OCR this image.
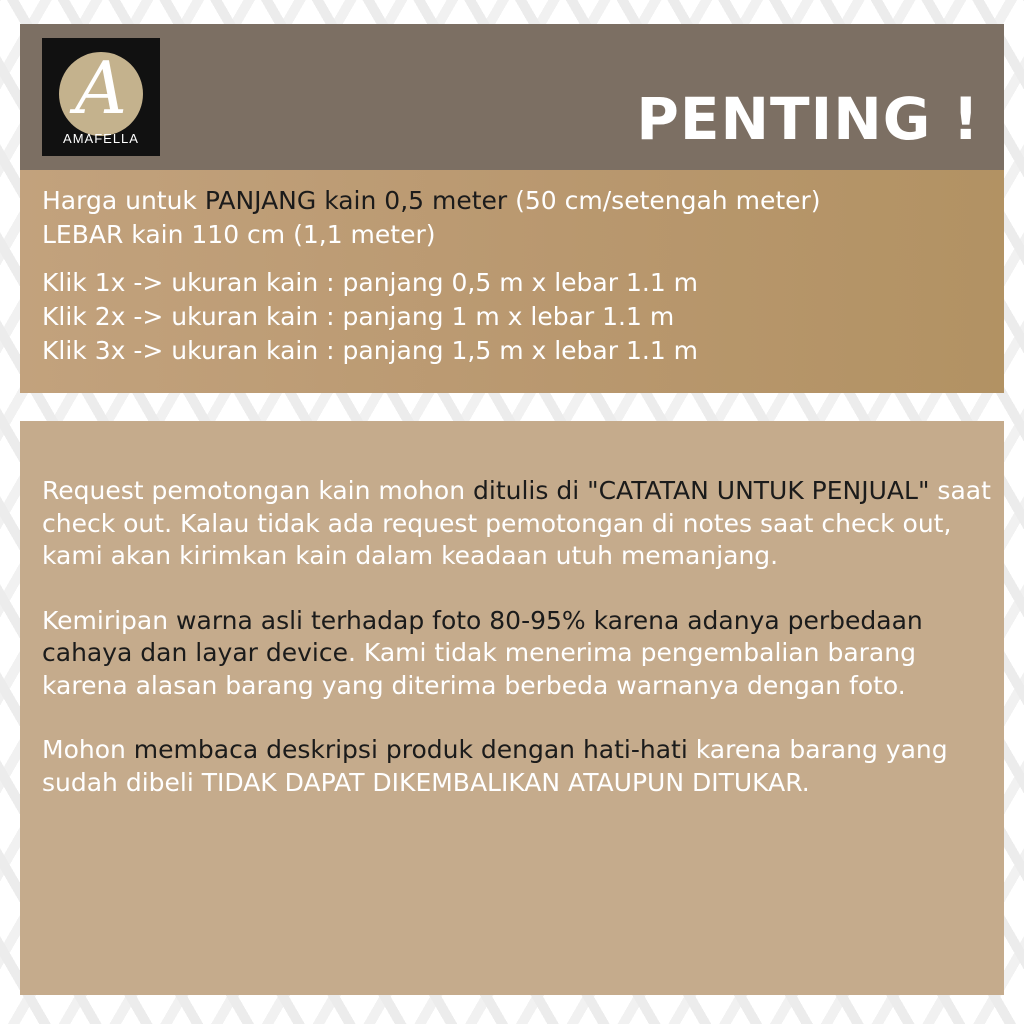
A
AMAFELLA	PENTING !

Harga untuk PANJANG kain 0,5 meter (50 cm/setengah meter)

LEBAR kain 110 cm (1,1 meter)

Klik 1x -> ukuran kain : panjang 0,5 m x lebar 1.1 m

Klik 2x -> ukuran kain : panjang 1 m x lebar 1.1 m

Klik 3x -> ukuran kain : panjang 1,5 m x lebar 1.1 m

Request pemotongan kain mohon ditulis di "CATATAN UNTUK PENJUAL" saat check out. Kalau tidak ada request pemotongan di notes saat check out, kami akan kirimkan kain dalam keadaan utuh memanjang.

Kemiripan warna asli terhadap foto 80-95% karena adanya perbedaan cahaya dan layar device. Kami tidak menerima pengembalian barang karena alasan barang yang diterima berbeda warnanya dengan foto.

Mohon membaca deskripsi produk dengan hati-hati karena barang yang sudah dibeli TIDAK DAPAT DIKEMBALIKAN ATAUPUN DITUKAR.
